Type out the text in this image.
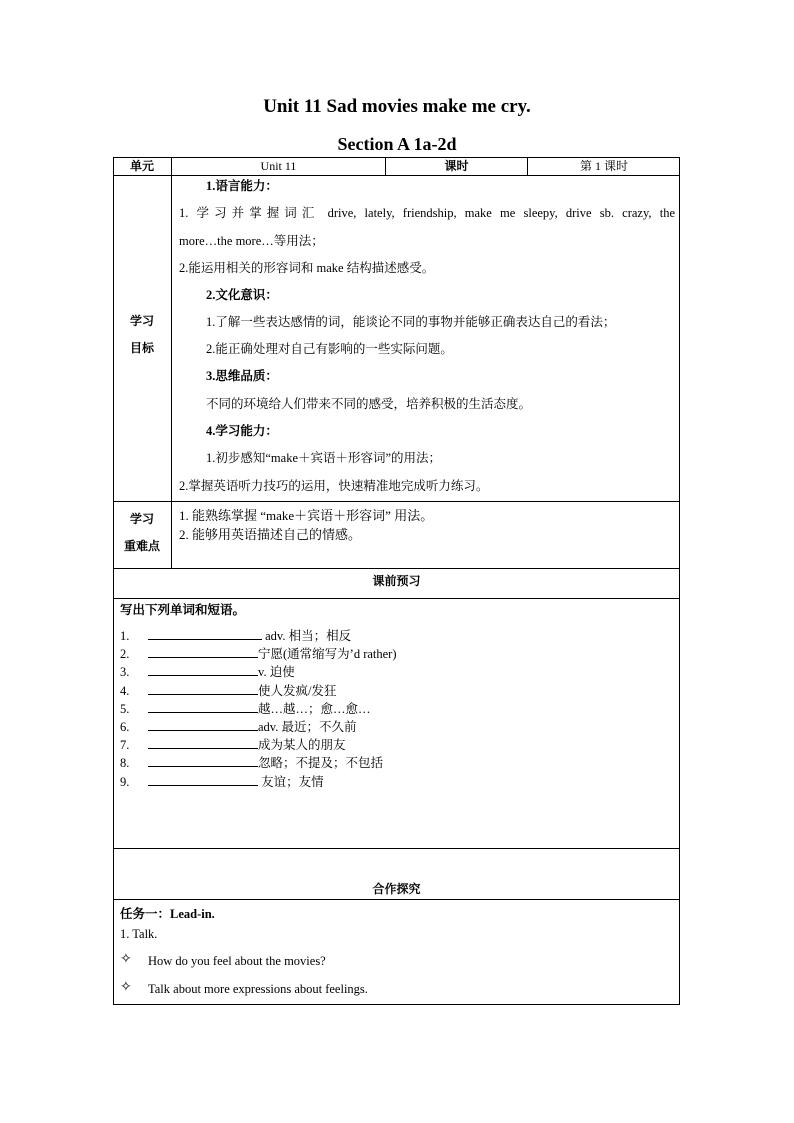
Unit 11 Sad movies make me cry.
Section A 1a-2d
单元	Unit 11	课时	第 1 课时
学习
目标
1.语言能力：
1. 学习并掌握词汇 drive, lately, friendship, make me sleepy, drive sb. crazy, the
more…the more…等用法；
2.能运用相关的形容词和 make 结构描述感受。
2.文化意识：
1.了解一些表达感情的词，能谈论不同的事物并能够正确表达自己的看法；
2.能正确处理对自己有影响的一些实际问题。
3.思维品质：
不同的环境给人们带来不同的感受，培养积极的生活态度。
4.学习能力：
1.初步感知“make＋宾语＋形容词”的用法；
2.掌握英语听力技巧的运用，快速精准地完成听力练习。
学习
重难点
1. 能熟练掌握 “make＋宾语＋形容词” 用法。
2. 能够用英语描述自己的情感。
课前预习
写出下列单词和短语。
1.	adv. 相当；相反
2.	宁愿(通常缩写为’d rather)
3.	v. 迫使
4.	使人发疯/发狂
5.	越…越…；愈…愈…
6.	adv. 最近；不久前
7.	成为某人的朋友
8.	忽略；不提及；不包括
9.	友谊；友情
合作探究
任务一：Lead-in.
1. Talk.
✧ How do you feel about the movies?
✧ Talk about more expressions about feelings.
